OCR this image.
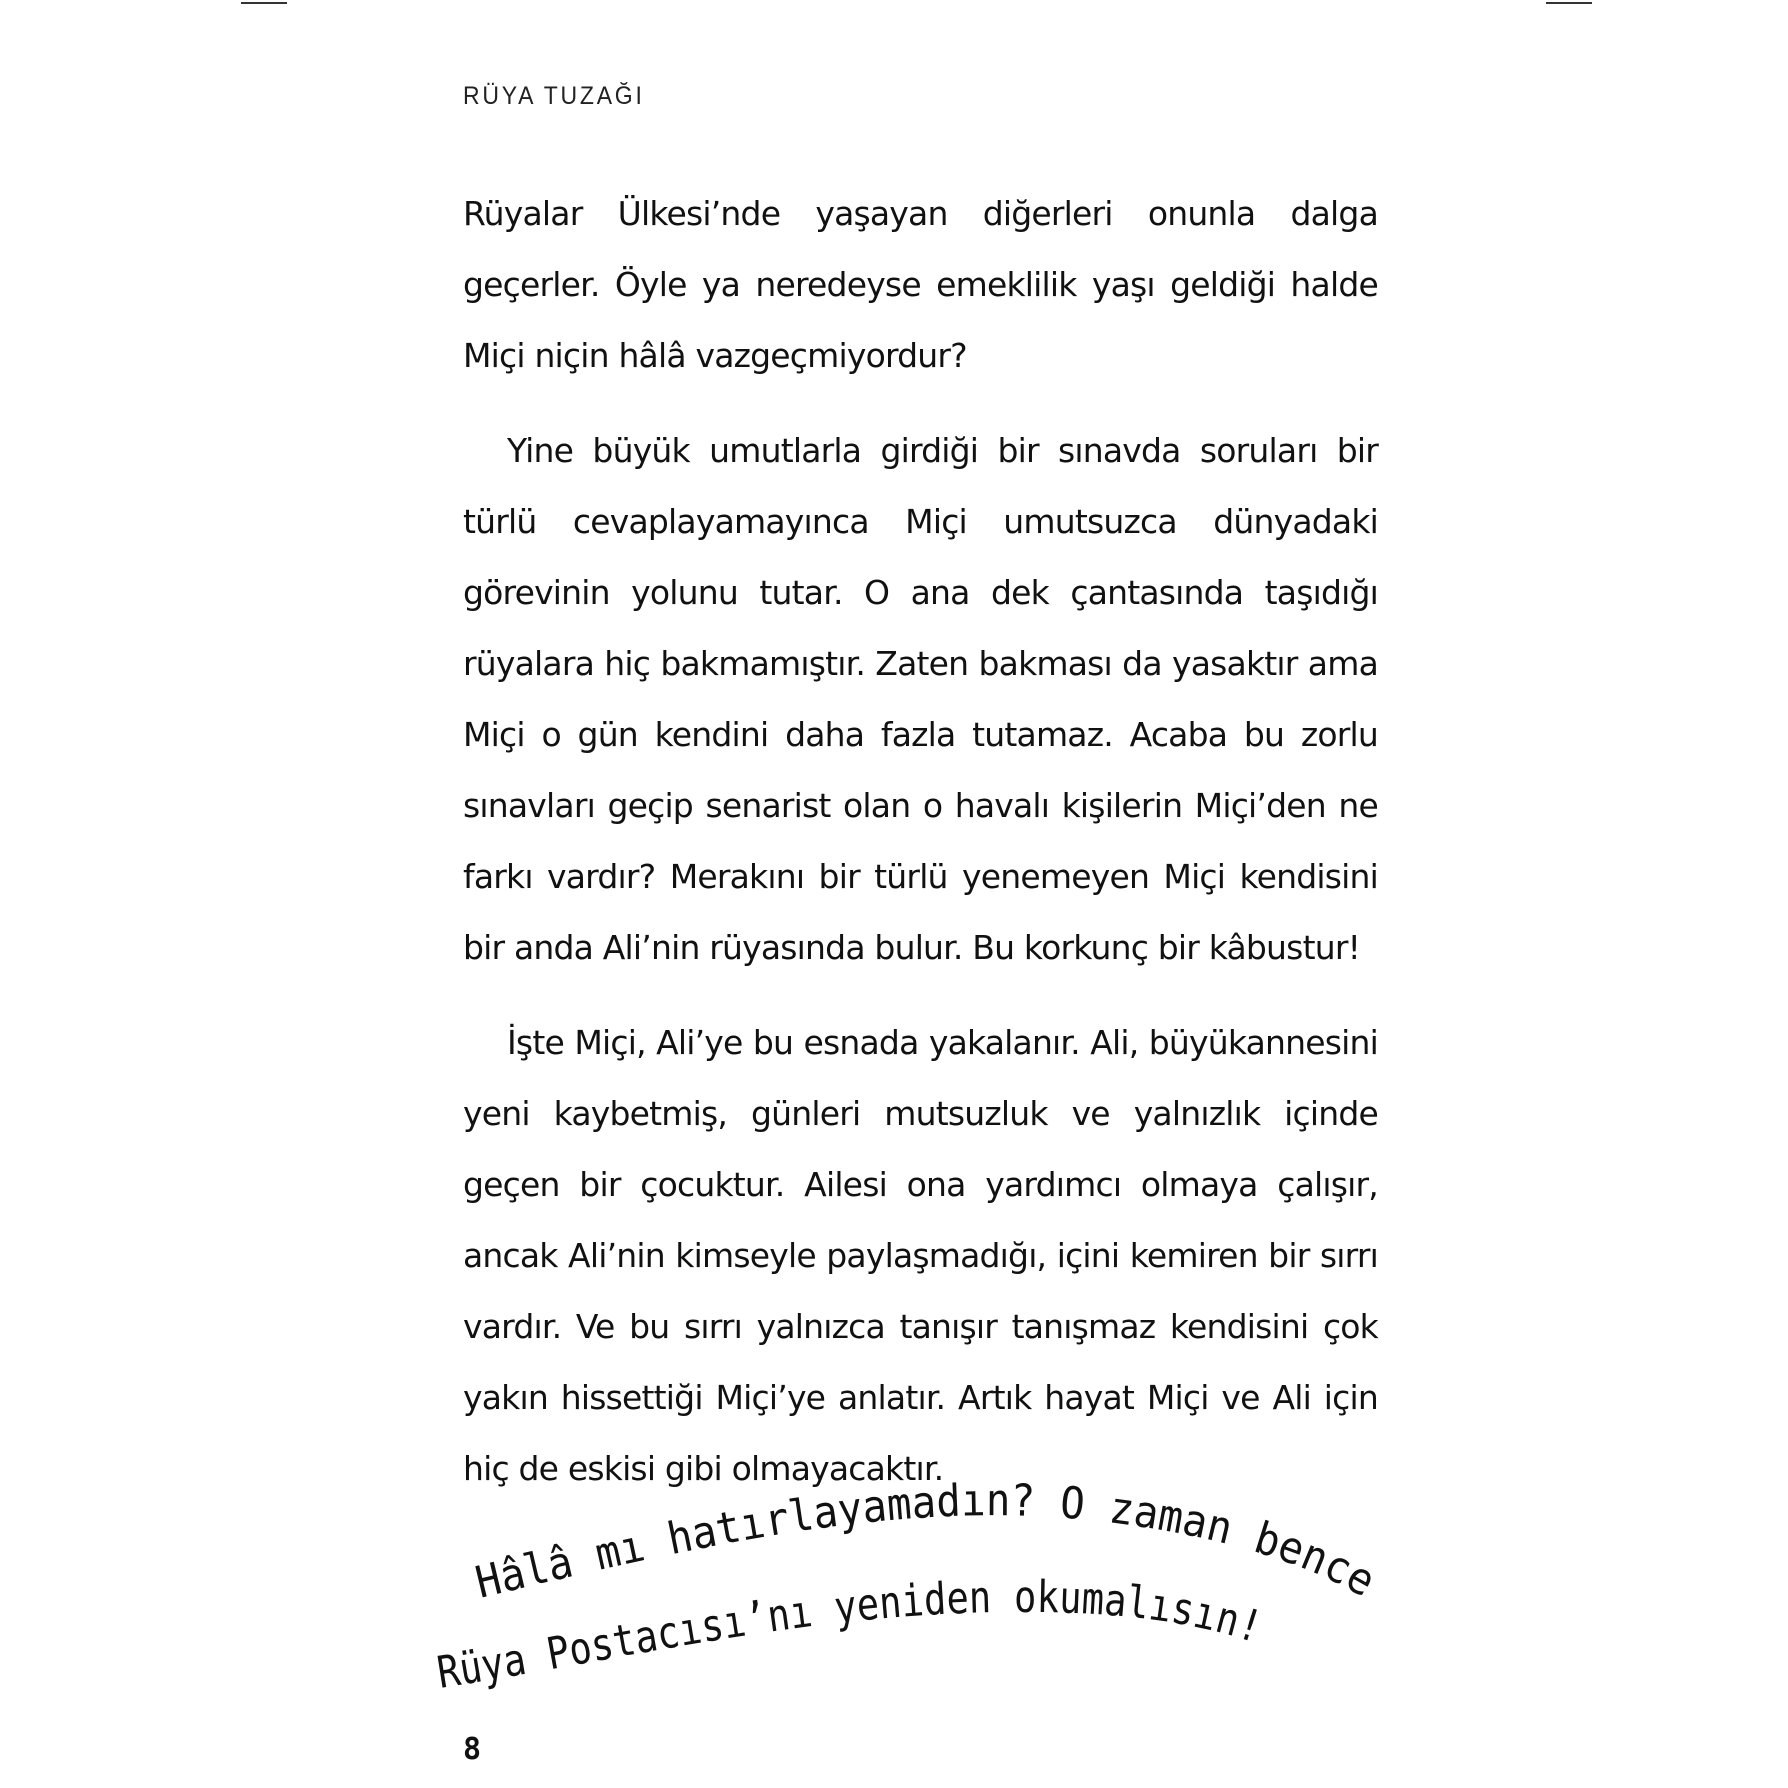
RÜYA TUZAĞI

Rüyalar Ülkesi’nde yaşayan diğerleri onunla dalga geçerler. Öyle ya neredeyse emeklilik yaşı geldiği halde Miçi niçin hâlâ vazgeçmiyordur?

Yine büyük umutlarla girdiği bir sınavda soruları bir türlü cevaplayamayınca Miçi umutsuzca dünyadaki görevinin yolunu tutar. O ana dek çantasında taşıdığı rüyalara hiç bakmamıştır. Zaten bakması da yasaktır ama Miçi o gün kendini daha fazla tutamaz. Acaba bu zorlu sınavları geçip senarist olan o havalı kişilerin Miçi’den ne farkı vardır? Merakını bir türlü yenemeyen Miçi kendisini bir anda Ali’nin rüyasında bulur. Bu korkunç bir kâbustur!

İşte Miçi, Ali’ye bu esnada yakalanır. Ali, büyükannesini yeni kaybetmiş, günleri mutsuzluk ve yalnızlık içinde geçen bir çocuktur. Ailesi ona yardımcı olmaya çalışır, ancak Ali’nin kimseyle paylaşmadığı, içini kemiren bir sırrı vardır. Ve bu sırrı yalnızca tanışır tanışmaz kendisini çok yakın hissettiği Miçi’ye anlatır. Artık hayat Miçi ve Ali için hiç de eskisi gibi olmayacaktır.

Hâlâ mı hatırlayamadın? O zaman bence
Rüya Postacısı’nı yeniden okumalısın!
8
